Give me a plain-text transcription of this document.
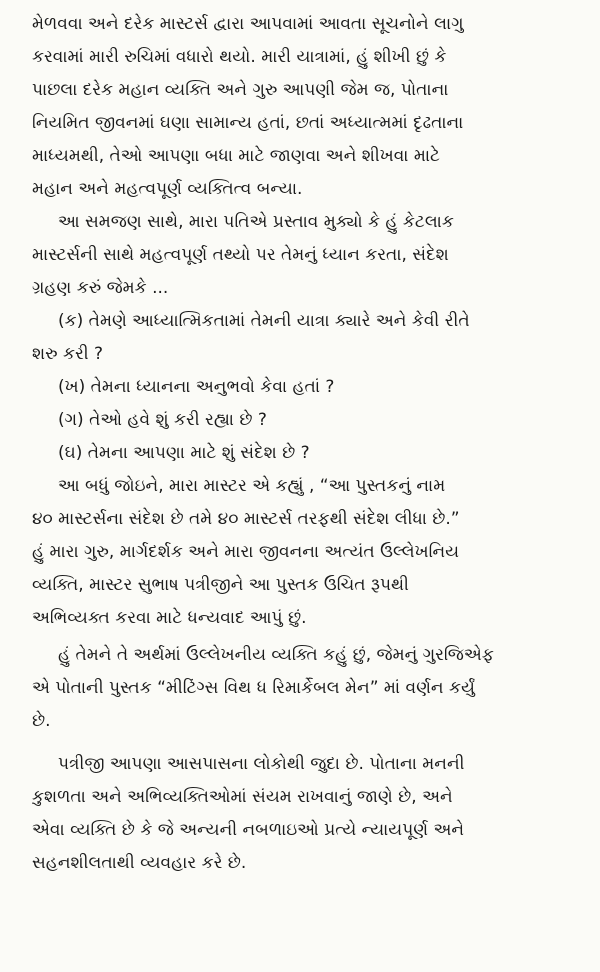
મેળવવા અને દરેક માસ્ટર્સ દ્વારા આપવામાં આવતા સૂચનોને લાગુ
કરવામાં મારી રુચિમાં વધારો થયો. મારી યાત્રામાં, હું શીખી છું કે
પાછલા દરેક મહાન વ્યક્તિ અને ગુરુ આપણી જેમ જ, પોતાના
નિયમિત જીવનમાં ઘણા સામાન્ય હતાં, છતાં અધ્યાત્મમાં દૃઢતાના
માધ્યમથી, તેઓ આપણા બધા માટે જાણવા અને શીખવા માટે
મહાન અને મહત્વપૂર્ણ વ્યક્તિત્વ બન્યા.

આ સમજણ સાથે, મારા પતિએ પ્રસ્તાવ મુક્યો કે હું કેટલાક
માસ્ટર્સની સાથે મહત્વપૂર્ણ તથ્યો પર તેમનું ધ્યાન કરતા, સંદેશ
ગ્રહણ કરું જેમકે ...

(ક) તેમણે આધ્યાત્મિકતામાં તેમની યાત્રા ક્યારે અને કેવી રીતે
શરુ કરી ?

(ખ) તેમના ધ્યાનના અનુભવો કેવા હતાં ?

(ગ) તેઓ હવે શું કરી રહ્યા છે ?

(ઘ) તેમના આપણા માટે શું સંદેશ છે ?

આ બધું જોઇને, મારા માસ્ટર એ કહ્યું , “આ પુસ્તકનું નામ
૪૦ માસ્ટર્સના સંદેશ છે તમે ૪૦ માસ્ટર્સ તરફથી સંદેશ લીધા છે.”
હું મારા ગુરુ, માર્ગદર્શક અને મારા જીવનના અત્યંત ઉલ્લેખનિય
વ્યક્તિ, માસ્ટર સુભાષ પત્રીજીને આ પુસ્તક ઉચિત રૂપથી
અભિવ્યક્ત કરવા માટે ધન્યવાદ આપું છું.

હું તેમને તે અર્થમાં ઉલ્લેખનીય વ્યક્તિ કહું છું, જેમનું ગુરજિએફ
એ પોતાની પુસ્તક “મીટિંગ્સ વિથ ધ રિમાર્કેબલ મેન” માં વર્ણન કર્યું
છે.

પત્રીજી આપણા આસપાસના લોકોથી જુદા છે. પોતાના મનની
કુશળતા અને અભિવ્યક્તિઓમાં સંયમ રાખવાનું જાણે છે, અને
એવા વ્યક્તિ છે કે જે અન્યની નબળાઇઓ પ્રત્યે ન્યાયપૂર્ણ અને
સહનશીલતાથી વ્યવહાર કરે છે.
